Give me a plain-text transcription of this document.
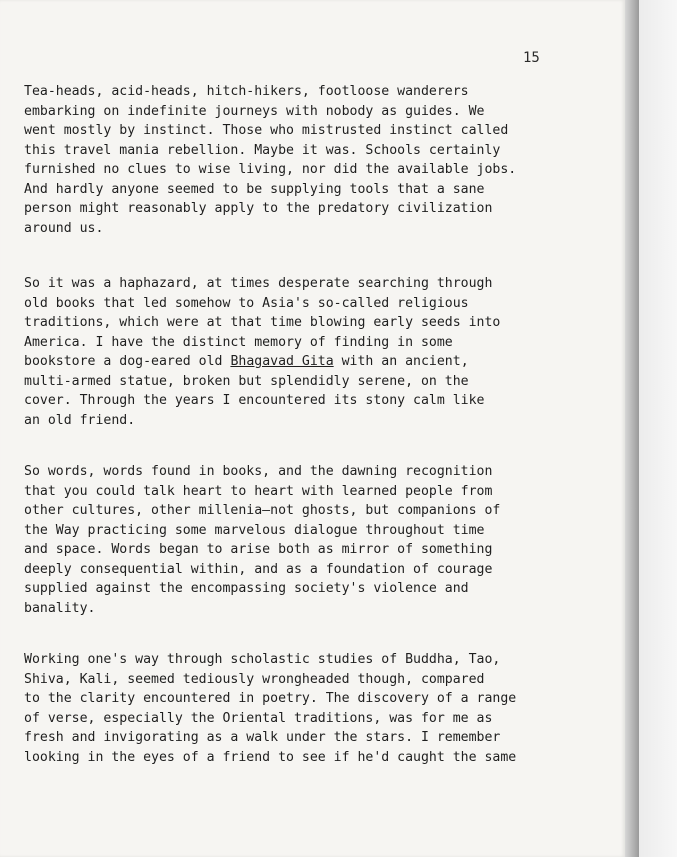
15
Tea-heads, acid-heads, hitch-hikers, footloose wanderers
embarking on indefinite journeys with nobody as guides. We
went mostly by instinct. Those who mistrusted instinct called
this travel mania rebellion. Maybe it was. Schools certainly
furnished no clues to wise living, nor did the available jobs.
And hardly anyone seemed to be supplying tools that a sane
person might reasonably apply to the predatory civilization
around us.
So it was a haphazard, at times desperate searching through
old books that led somehow to Asia's so-called religious
traditions, which were at that time blowing early seeds into
America. I have the distinct memory of finding in some
bookstore a dog-eared old Bhagavad Gita with an ancient,
multi-armed statue, broken but splendidly serene, on the
cover. Through the years I encountered its stony calm like
an old friend.
So words, words found in books, and the dawning recognition
that you could talk heart to heart with learned people from
other cultures, other millenia—not ghosts, but companions of
the Way practicing some marvelous dialogue throughout time
and space. Words began to arise both as mirror of something
deeply consequential within, and as a foundation of courage
supplied against the encompassing society's violence and
banality.
Working one's way through scholastic studies of Buddha, Tao,
Shiva, Kali, seemed tediously wrongheaded though, compared
to the clarity encountered in poetry. The discovery of a range
of verse, especially the Oriental traditions, was for me as
fresh and invigorating as a walk under the stars. I remember
looking in the eyes of a friend to see if he'd caught the same
